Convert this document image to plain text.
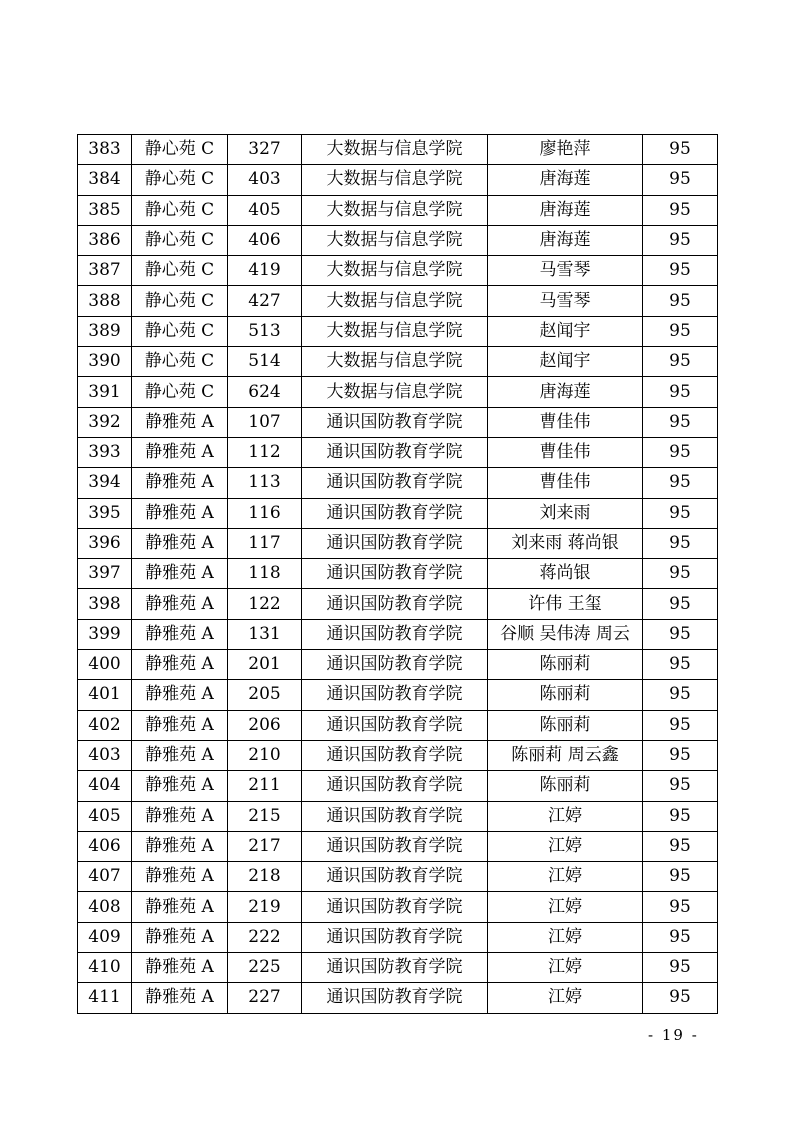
383	静心苑 C	327	大数据与信息学院	廖艳萍	95
384	静心苑 C	403	大数据与信息学院	唐海莲	95
385	静心苑 C	405	大数据与信息学院	唐海莲	95
386	静心苑 C	406	大数据与信息学院	唐海莲	95
387	静心苑 C	419	大数据与信息学院	马雪琴	95
388	静心苑 C	427	大数据与信息学院	马雪琴	95
389	静心苑 C	513	大数据与信息学院	赵闻宇	95
390	静心苑 C	514	大数据与信息学院	赵闻宇	95
391	静心苑 C	624	大数据与信息学院	唐海莲	95
392	静雅苑 A	107	通识国防教育学院	曹佳伟	95
393	静雅苑 A	112	通识国防教育学院	曹佳伟	95
394	静雅苑 A	113	通识国防教育学院	曹佳伟	95
395	静雅苑 A	116	通识国防教育学院	刘来雨	95
396	静雅苑 A	117	通识国防教育学院	刘来雨 蒋尚银	95
397	静雅苑 A	118	通识国防教育学院	蒋尚银	95
398	静雅苑 A	122	通识国防教育学院	许伟 王玺	95
399	静雅苑 A	131	通识国防教育学院	谷顺 吴伟涛 周云	95
400	静雅苑 A	201	通识国防教育学院	陈丽莉	95
401	静雅苑 A	205	通识国防教育学院	陈丽莉	95
402	静雅苑 A	206	通识国防教育学院	陈丽莉	95
403	静雅苑 A	210	通识国防教育学院	陈丽莉 周云鑫	95
404	静雅苑 A	211	通识国防教育学院	陈丽莉	95
405	静雅苑 A	215	通识国防教育学院	江婷	95
406	静雅苑 A	217	通识国防教育学院	江婷	95
407	静雅苑 A	218	通识国防教育学院	江婷	95
408	静雅苑 A	219	通识国防教育学院	江婷	95
409	静雅苑 A	222	通识国防教育学院	江婷	95
410	静雅苑 A	225	通识国防教育学院	江婷	95
411	静雅苑 A	227	通识国防教育学院	江婷	95
- 19 -
